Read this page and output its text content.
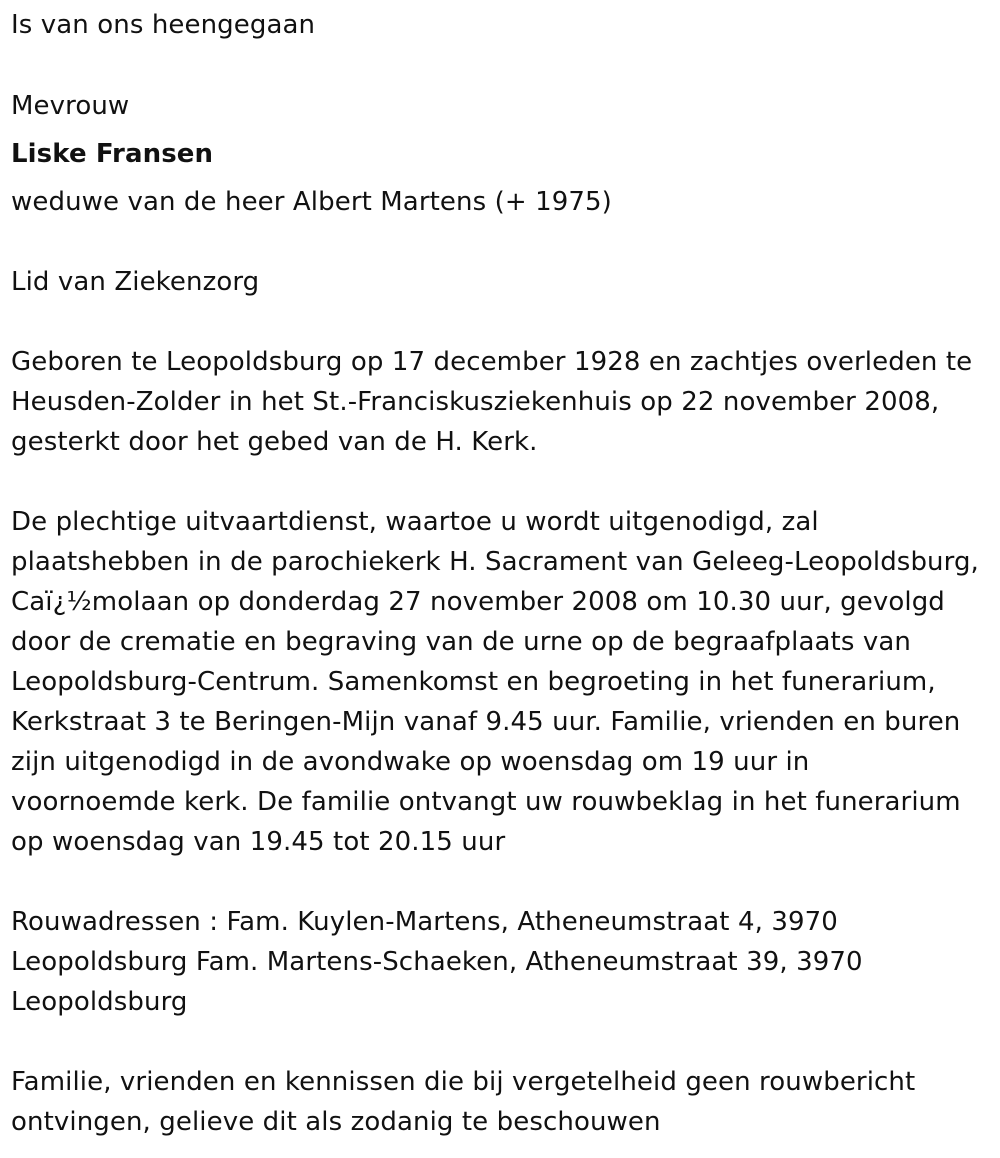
Is van ons heengegaan
Mevrouw
Liske Fransen
weduwe van de heer Albert Martens (+ 1975)
Lid van Ziekenzorg
Geboren te Leopoldsburg op 17 december 1928 en zachtjes overleden te
Heusden-Zolder in het St.-Franciskusziekenhuis op 22 november 2008,
gesterkt door het gebed van de H. Kerk.
De plechtige uitvaartdienst, waartoe u wordt uitgenodigd, zal
plaatshebben in de parochiekerk H. Sacrament van Geleeg-Leopoldsburg,
Caï¿½molaan op donderdag 27 november 2008 om 10.30 uur, gevolgd
door de crematie en begraving van de urne op de begraafplaats van
Leopoldsburg-Centrum. Samenkomst en begroeting in het funerarium,
Kerkstraat 3 te Beringen-Mijn vanaf 9.45 uur. Familie, vrienden en buren
zijn uitgenodigd in de avondwake op woensdag om 19 uur in
voornoemde kerk. De familie ontvangt uw rouwbeklag in het funerarium
op woensdag van 19.45 tot 20.15 uur
Rouwadressen : Fam. Kuylen-Martens, Atheneumstraat 4, 3970
Leopoldsburg Fam. Martens-Schaeken, Atheneumstraat 39, 3970
Leopoldsburg
Familie, vrienden en kennissen die bij vergetelheid geen rouwbericht
ontvingen, gelieve dit als zodanig te beschouwen
